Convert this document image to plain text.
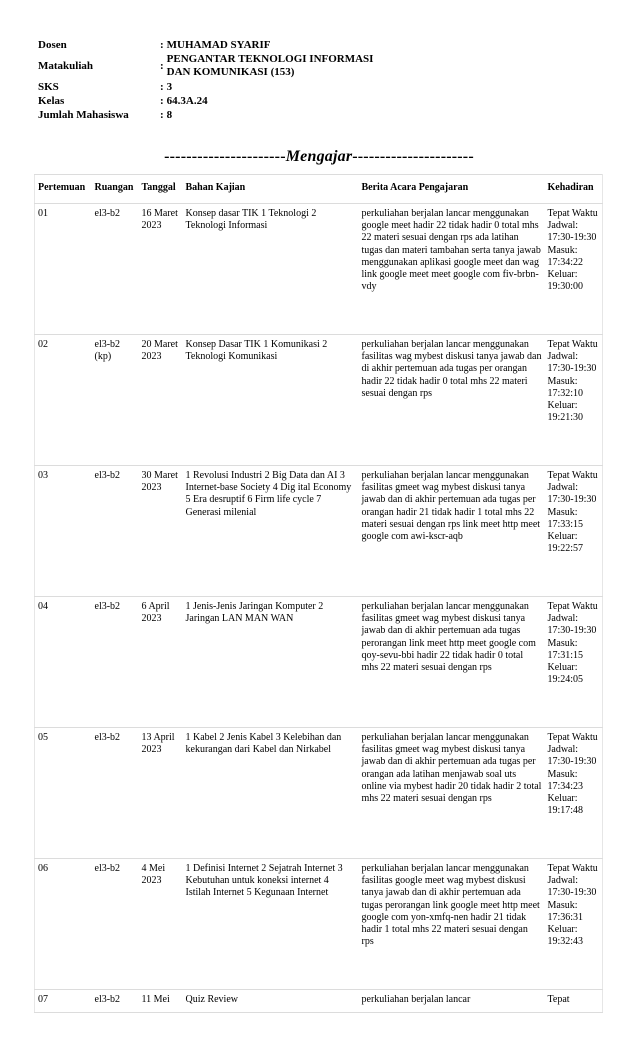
Dosen	: MUHAMAD SYARIF
Matakuliah	:
PENGANTAR TEKNOLOGI INFORMASI
DAN KOMUNIKASI (153)
SKS	: 3
Kelas	: 64.3A.24
Jumlah Mahasiswa	: 8
----------------------Mengajar----------------------
Pertemuan	Ruangan	Tanggal	Bahan Kajian	Berita Acara Pengajaran	Kehadiran
01	el3-b2	16 Maret 2023	Konsep dasar TIK 1 Teknologi 2 Teknologi Informasi	perkuliahan berjalan lancar menggunakan google meet hadir 22 tidak hadir 0 total mhs 22 materi sesuai dengan rps ada latihan tugas dan materi tambahan serta tanya jawab menggunakan aplikasi google meet dan wag link google meet meet google com fiv-brbn-vdy	Tepat Waktu Jadwal: 17:30-19:30 Masuk: 17:34:22 Keluar: 19:30:00
02	el3-b2 (kp)	20 Maret 2023	Konsep Dasar TIK 1 Komunikasi 2 Teknologi Komunikasi	perkuliahan berjalan lancar menggunakan fasilitas wag mybest diskusi tanya jawab dan di akhir pertemuan ada tugas per orangan hadir 22 tidak hadir 0 total mhs 22 materi sesuai dengan rps	Tepat Waktu Jadwal: 17:30-19:30 Masuk: 17:32:10 Keluar: 19:21:30
03	el3-b2	30 Maret 2023	1 Revolusi Industri 2 Big Data dan AI 3 Internet-base Society 4 Dig ital Economy 5 Era desruptif 6 Firm life cycle 7 Generasi milenial	perkuliahan berjalan lancar menggunakan fasilitas gmeet wag mybest diskusi tanya jawab dan di akhir pertemuan ada tugas per orangan hadir 21 tidak hadir 1 total mhs 22 materi sesuai dengan rps link meet http meet google com awi-kscr-aqb	Tepat Waktu Jadwal: 17:30-19:30 Masuk: 17:33:15 Keluar: 19:22:57
04	el3-b2	6 April 2023	1 Jenis-Jenis Jaringan Komputer 2 Jaringan LAN MAN WAN	perkuliahan berjalan lancar menggunakan fasilitas gmeet wag mybest diskusi tanya jawab dan di akhir pertemuan ada tugas perorangan link meet http meet google com qoy-sevu-bbi hadir 22 tidak hadir 0 total mhs 22 materi sesuai dengan rps	Tepat Waktu Jadwal: 17:30-19:30 Masuk: 17:31:15 Keluar: 19:24:05
05	el3-b2	13 April 2023	1 Kabel 2 Jenis Kabel 3 Kelebihan dan kekurangan dari Kabel dan Nirkabel	perkuliahan berjalan lancar menggunakan fasilitas gmeet wag mybest diskusi tanya jawab dan di akhir pertemuan ada tugas per orangan ada latihan menjawab soal uts online via mybest hadir 20 tidak hadir 2 total mhs 22 materi sesuai dengan rps	Tepat Waktu Jadwal: 17:30-19:30 Masuk: 17:34:23 Keluar: 19:17:48
06	el3-b2	4 Mei 2023	1 Definisi Internet 2 Sejatrah Internet 3 Kebutuhan untuk koneksi internet 4 Istilah Internet 5 Kegunaan Internet	perkuliahan berjalan lancar menggunakan fasilitas google meet wag mybest diskusi tanya jawab dan di akhir pertemuan ada tugas perorangan link google meet http meet google com yon-xmfq-nen hadir 21 tidak hadir 1 total mhs 22 materi sesuai dengan rps	Tepat Waktu Jadwal: 17:30-19:30 Masuk: 17:36:31 Keluar: 19:32:43
07	el3-b2	11 Mei	Quiz Review	perkuliahan berjalan lancar	Tepat
